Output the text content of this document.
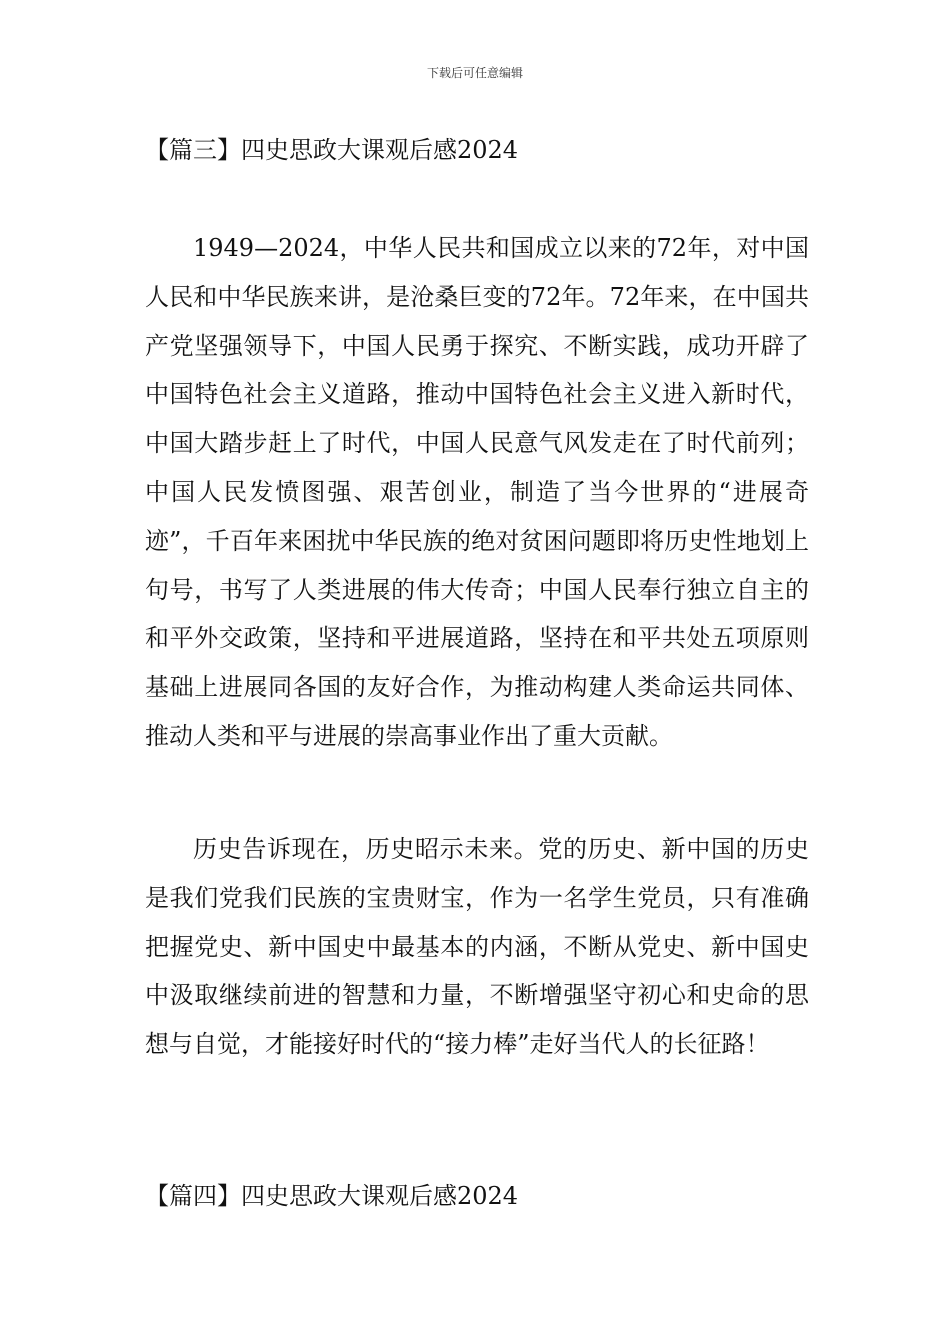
下载后可任意编辑
【篇三】四史思政大课观后感2024

1949—2024，中华人民共和国成立以来的72年，对中国人民和中华民族来讲，是沧桑巨变的72年。72年来，在中国共产党坚强领导下，中国人民勇于探究、不断实践，成功开辟了中国特色社会主义道路，推动中国特色社会主义进入新时代，中国大踏步赶上了时代，中国人民意气风发走在了时代前列；中国人民发愤图强、艰苦创业，制造了当今世界的“进展奇迹”，千百年来困扰中华民族的绝对贫困问题即将历史性地划上句号，书写了人类进展的伟大传奇；中国人民奉行独立自主的和平外交政策，坚持和平进展道路，坚持在和平共处五项原则基础上进展同各国的友好合作，为推动构建人类命运共同体、推动人类和平与进展的崇高事业作出了重大贡献。

历史告诉现在，历史昭示未来。党的历史、新中国的历史是我们党我们民族的宝贵财宝，作为一名学生党员，只有准确把握党史、新中国史中最基本的内涵，不断从党史、新中国史中汲取继续前进的智慧和力量，不断增强坚守初心和史命的思想与自觉，才能接好时代的“接力棒”走好当代人的长征路！

【篇四】四史思政大课观后感2024
